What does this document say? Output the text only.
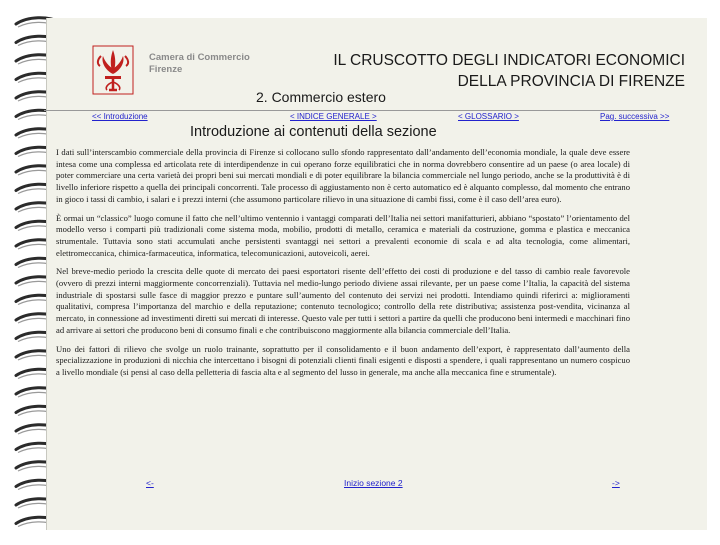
Camera di Commercio
Firenze
IL CRUSCOTTO DEGLI INDICATORI ECONOMICI
DELLA PROVINCIA DI FIRENZE
2. Commercio estero
<< Introduzione	< INDICE GENERALE >	< GLOSSARIO >	Pag. successiva >>
Introduzione ai contenuti della sezione

I dati sull’interscambio commerciale della provincia di Firenze si collocano sullo sfondo rappresentato dall’andamento dell’economia mondiale, la quale deve essere intesa come una complessa ed articolata rete di interdipendenze in cui operano forze equilibratici che in norma dovrebbero consentire ad un paese (o area locale) di poter commerciare una certa varietà dei propri beni sui mercati mondiali e di poter equilibrare la bilancia commerciale nel lungo periodo, anche se la produttività è di livello inferiore rispetto a quella dei principali concorrenti. Tale processo di aggiustamento non è certo automatico ed è alquanto complesso, dal momento che entrano in gioco i tassi di cambio, i salari e i prezzi interni (che assumono particolare rilievo in una situazione di cambi fissi, come è il caso dell’area euro).

È ormai un “classico” luogo comune il fatto che nell’ultimo ventennio i vantaggi comparati dell’Italia nei settori manifatturieri, abbiano “spostato” l’orientamento del modello verso i comparti più tradizionali come sistema moda, mobilio, prodotti di metallo, ceramica e materiali da costruzione, gomma e plastica e meccanica strumentale. Tuttavia sono stati accumulati anche persistenti svantaggi nei settori a prevalenti economie di scala e ad alta tecnologia, come alimentari, elettromeccanica, chimica-farmaceutica, informatica, telecomunicazioni, autoveicoli, aerei.

Nel breve-medio periodo la crescita delle quote di mercato dei paesi esportatori risente dell’effetto dei costi di produzione e del tasso di cambio reale favorevole (ovvero di prezzi interni maggiormente concorrenziali). Tuttavia nel medio-lungo periodo diviene assai rilevante, per un paese come l’Italia, la capacità del sistema industriale di spostarsi sulle fasce di maggior prezzo e puntare sull’aumento del contenuto dei servizi nei prodotti. Intendiamo quindi riferirci a: miglioramenti qualitativi, compresa l’importanza del marchio e della reputazione; contenuto tecnologico; controllo della rete distributiva; assistenza post-vendita, vicinanza al mercato, in connessione ad investimenti diretti sui mercati di interesse. Questo vale per tutti i settori a partire da quelli che producono beni intermedi e macchinari fino ad arrivare ai settori che producono beni di consumo finali e che contribuiscono maggiormente alla bilancia commerciale dell’Italia.

Uno dei fattori di rilievo che svolge un ruolo trainante, soprattutto per il consolidamento e il buon andamento dell’export, è rappresentato dall’aumento della specializzazione in produzioni di nicchia che intercettano i bisogni di potenziali clienti finali esigenti e disposti a spendere, i quali rappresentano un numero cospicuo a livello mondiale (si pensi al caso della pelletteria di fascia alta e al segmento del lusso in generale, ma anche alla meccanica fine e strumentale).

<-	Inizio sezione 2	->
